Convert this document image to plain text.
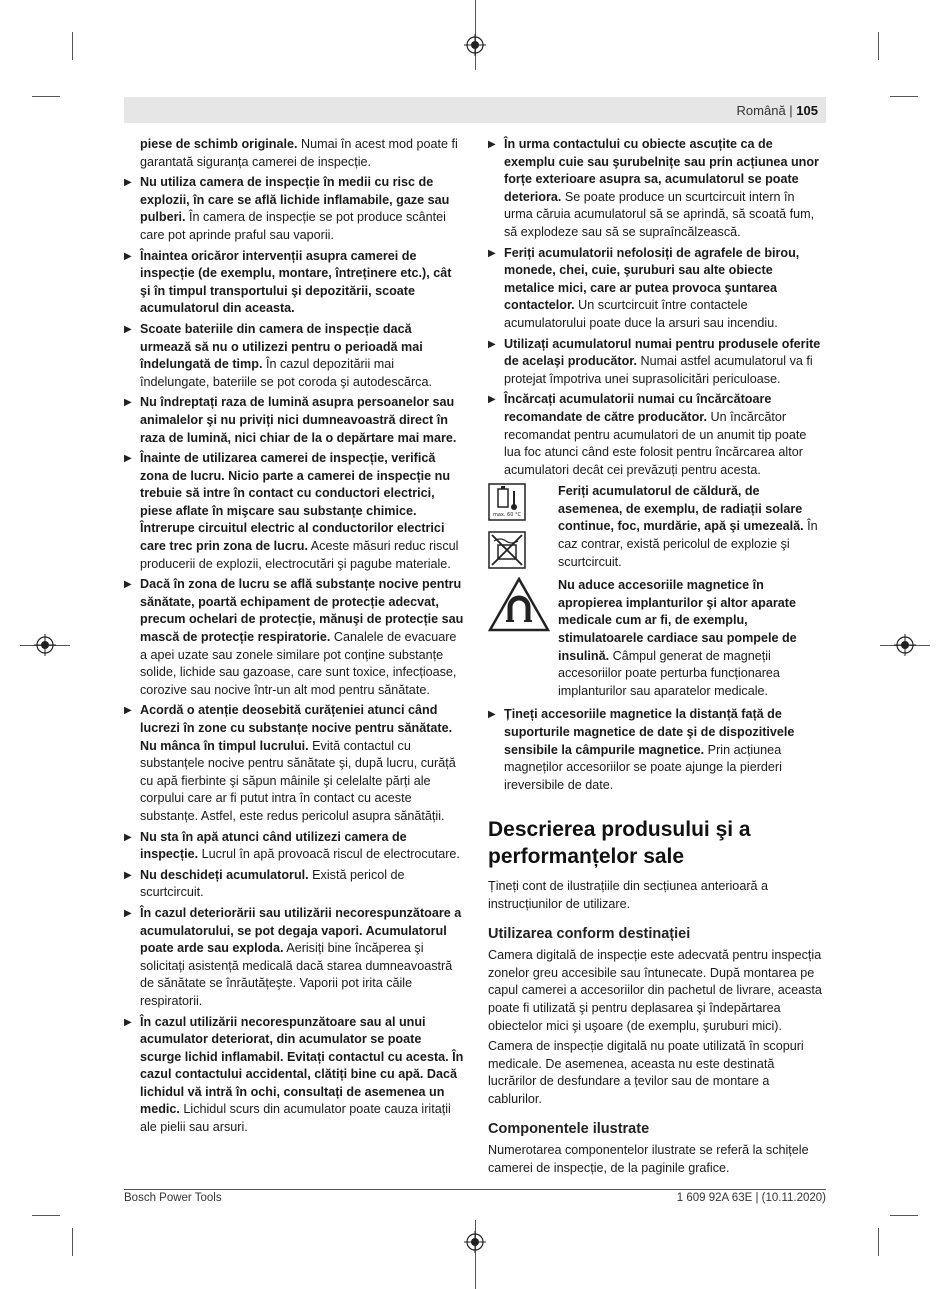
Română | 105

piese de schimb originale. Numai în acest mod poate fi garantată siguranța camerei de inspecție.

▶ Nu utiliza camera de inspecție în medii cu risc de explozii, în care se află lichide inflamabile, gaze sau pulberi. În camera de inspecție se pot produce scântei care pot aprinde praful sau vaporii.
▶ Înaintea oricăror intervenții asupra camerei de inspecție (de exemplu, montare, întreținere etc.), cât şi în timpul transportului şi depozitării, scoate acumulatorul din aceasta.
▶ Scoate bateriile din camera de inspecție dacă urmează să nu o utilizezi pentru o perioadă mai îndelungată de timp. În cazul depozitării mai îndelungate, bateriile se pot coroda şi autodescărca.
▶ Nu îndreptați raza de lumină asupra persoanelor sau animalelor şi nu priviți nici dumneavoastră direct în raza de lumină, nici chiar de la o depărtare mai mare.
▶ Înainte de utilizarea camerei de inspecție, verifică zona de lucru. Nicio parte a camerei de inspecție nu trebuie să intre în contact cu conductori electrici, piese aflate în mişcare sau substanțe chimice. Întrerupe circuitul electric al conductorilor electrici care trec prin zona de lucru. Aceste măsuri reduc riscul producerii de explozii, electrocutări şi pagube materiale.
▶ Dacă în zona de lucru se află substanțe nocive pentru sănătate, poartă echipament de protecție adecvat, precum ochelari de protecție, mănuşi de protecție sau mască de protecție respiratorie. Canalele de evacuare a apei uzate sau zonele similare pot conține substanțe solide, lichide sau gazoase, care sunt toxice, infecțioase, corozive sau nocive într-un alt mod pentru sănătate.
▶ Acordă o atenție deosebită curățeniei atunci când lucrezi în zone cu substanțe nocive pentru sănătate. Nu mânca în timpul lucrului. Evită contactul cu substanțele nocive pentru sănătate şi, după lucru, curăță cu apă fierbinte şi săpun mâinile şi celelalte părți ale corpului care ar fi putut intra în contact cu aceste substanțe. Astfel, este redus pericolul asupra sănătății.
▶ Nu sta în apă atunci când utilizezi camera de inspecție. Lucrul în apă provoacă riscul de electrocutare.
▶ Nu deschideți acumulatorul. Există pericol de scurtcircuit.
▶ În cazul deteriorării sau utilizării necorespunzătoare a acumulatorului, se pot degaja vapori. Acumulatorul poate arde sau exploda. Aerisiți bine încăperea şi solicitați asistență medicală dacă starea dumneavoastră de sănătate se înrăutățeşte. Vaporii pot irita căile respiratorii.
▶ În cazul utilizării necorespunzătoare sau al unui acumulator deteriorat, din acumulator se poate scurge lichid inflamabil. Evitați contactul cu acesta. În cazul contactului accidental, clătiți bine cu apă. Dacă lichidul vă intră în ochi, consultați de asemenea un medic. Lichidul scurs din acumulator poate cauza iritații ale pielii sau arsuri.
▶ În urma contactului cu obiecte ascuțite ca de exemplu cuie sau şurubelnițe sau prin acțiunea unor forțe exterioare asupra sa, acumulatorul se poate deteriora. Se poate produce un scurtcircuit intern în urma căruia acumulatorul să se aprindă, să scoată fum, să explodeze sau să se supraîncălzească.
▶ Feriți acumulatorii nefolosiți de agrafele de birou, monede, chei, cuie, şuruburi sau alte obiecte metalice mici, care ar putea provoca şuntarea contactelor. Un scurtcircuit între contactele acumulatorului poate duce la arsuri sau incendiu.
▶ Utilizați acumulatorul numai pentru produsele oferite de acelaşi producător. Numai astfel acumulatorul va fi protejat împotriva unei suprasolicitări periculoase.
▶ Încărcați acumulatorii numai cu încărcătoare recomandate de către producător. Un încărcător recomandat pentru acumulatori de un anumit tip poate lua foc atunci când este folosit pentru încărcarea altor acumulatori decât cei prevăzuți pentru acesta.
max. 60 °C

Feriți acumulatorul de căldură, de asemenea, de exemplu, de radiații solare continue, foc, murdărie, apă şi umezeală. În caz contrar, există pericolul de explozie şi scurtcircuit.
Nu aduce accesoriile magnetice în apropierea implanturilor şi altor aparate medicale cum ar fi, de exemplu, stimulatoarele cardiace sau pompele de insulină. Câmpul generat de magneții accesoriilor poate perturba funcționarea implanturilor sau aparatelor medicale.
▶ Țineți accesoriile magnetice la distanță față de suporturile magnetice de date şi de dispozitivele sensibile la câmpurile magnetice. Prin acțiunea magneților accesoriilor se poate ajunge la pierderi ireversibile de date.
Descrierea produsului şi a performanțelor sale

Țineți cont de ilustrațiile din secțiunea anterioară a instrucțiunilor de utilizare.

Utilizarea conform destinației

Camera digitală de inspecție este adecvată pentru inspecția zonelor greu accesibile sau întunecate. După montarea pe capul camerei a accesoriilor din pachetul de livrare, aceasta poate fi utilizată şi pentru deplasarea şi îndepărtarea obiectelor mici şi uşoare (de exemplu, şuruburi mici).

Camera de inspecție digitală nu poate utilizată în scopuri medicale. De asemenea, aceasta nu este destinată lucrărilor de desfundare a țevilor sau de montare a cablurilor.

Componentele ilustrate

Numerotarea componentelor ilustrate se referă la schițele camerei de inspecție, de la paginile grafice.

Bosch Power Tools	1 609 92A 63E | (10.11.2020)
